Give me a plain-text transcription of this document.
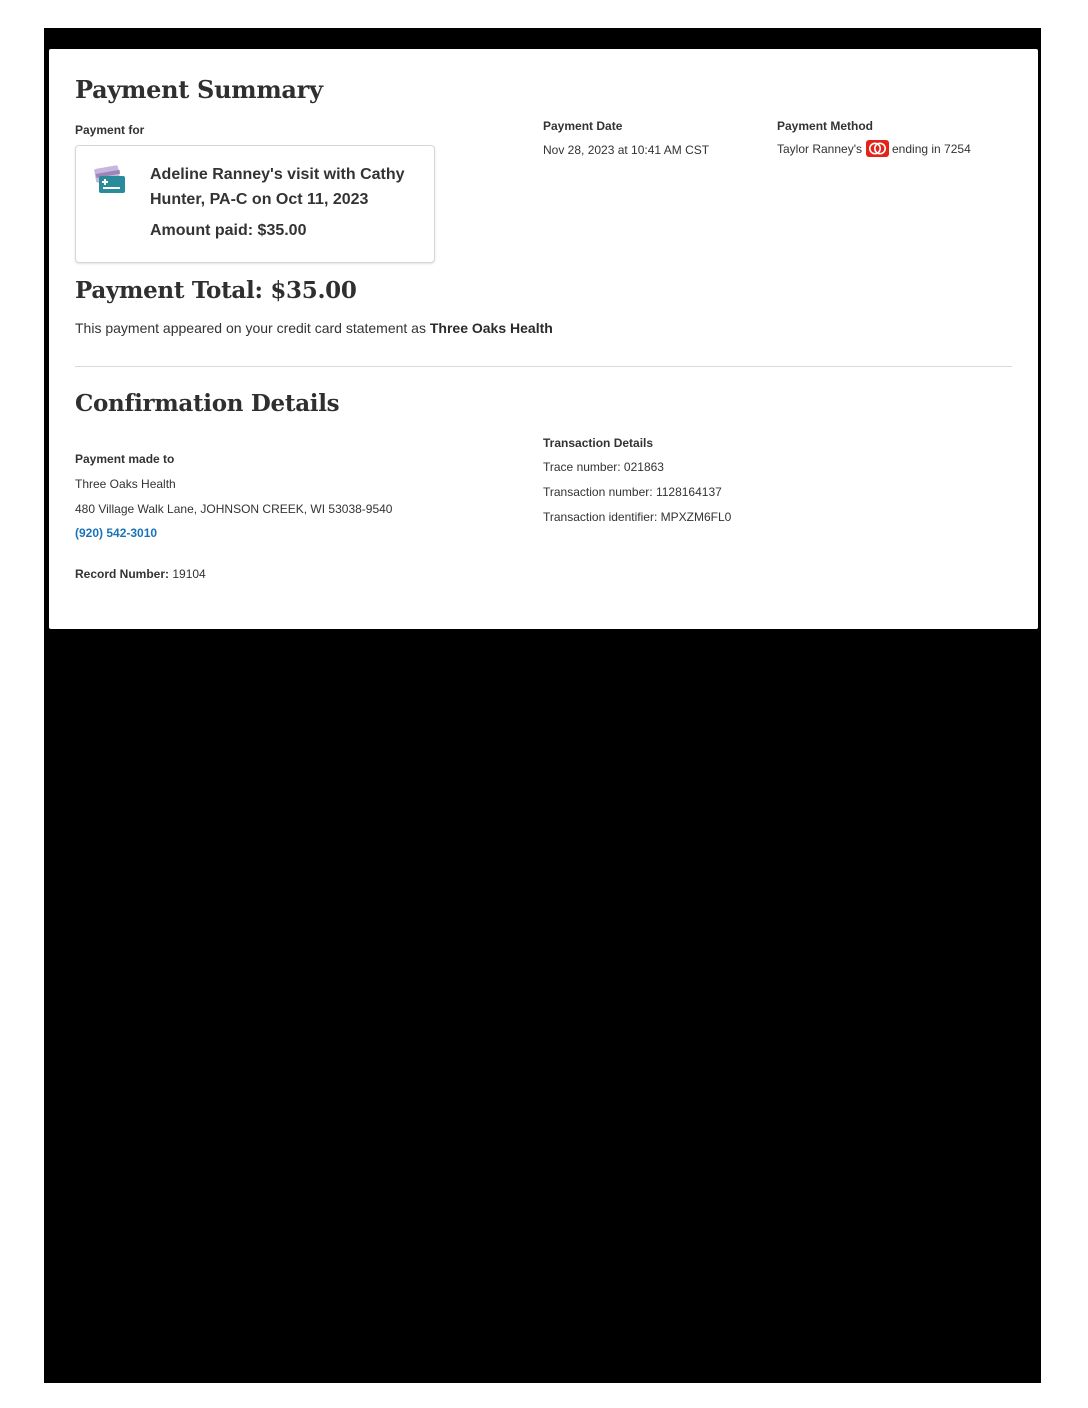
Payment Summary
Payment for
Adeline Ranney's visit with Cathy Hunter, PA-C on Oct 11, 2023
Amount paid: $35.00
Payment Date
Nov 28, 2023 at 10:41 AM CST
Payment Method
Taylor Ranney's	ending in 7254
Payment Total: $35.00
This payment appeared on your credit card statement as Three Oaks Health
Confirmation Details
Payment made to
Three Oaks Health
480 Village Walk Lane, JOHNSON CREEK, WI 53038-9540
(920) 542-3010
Record Number: 19104
Transaction Details
Trace number: 021863
Transaction number: 1128164137
Transaction identifier: MPXZM6FL0
